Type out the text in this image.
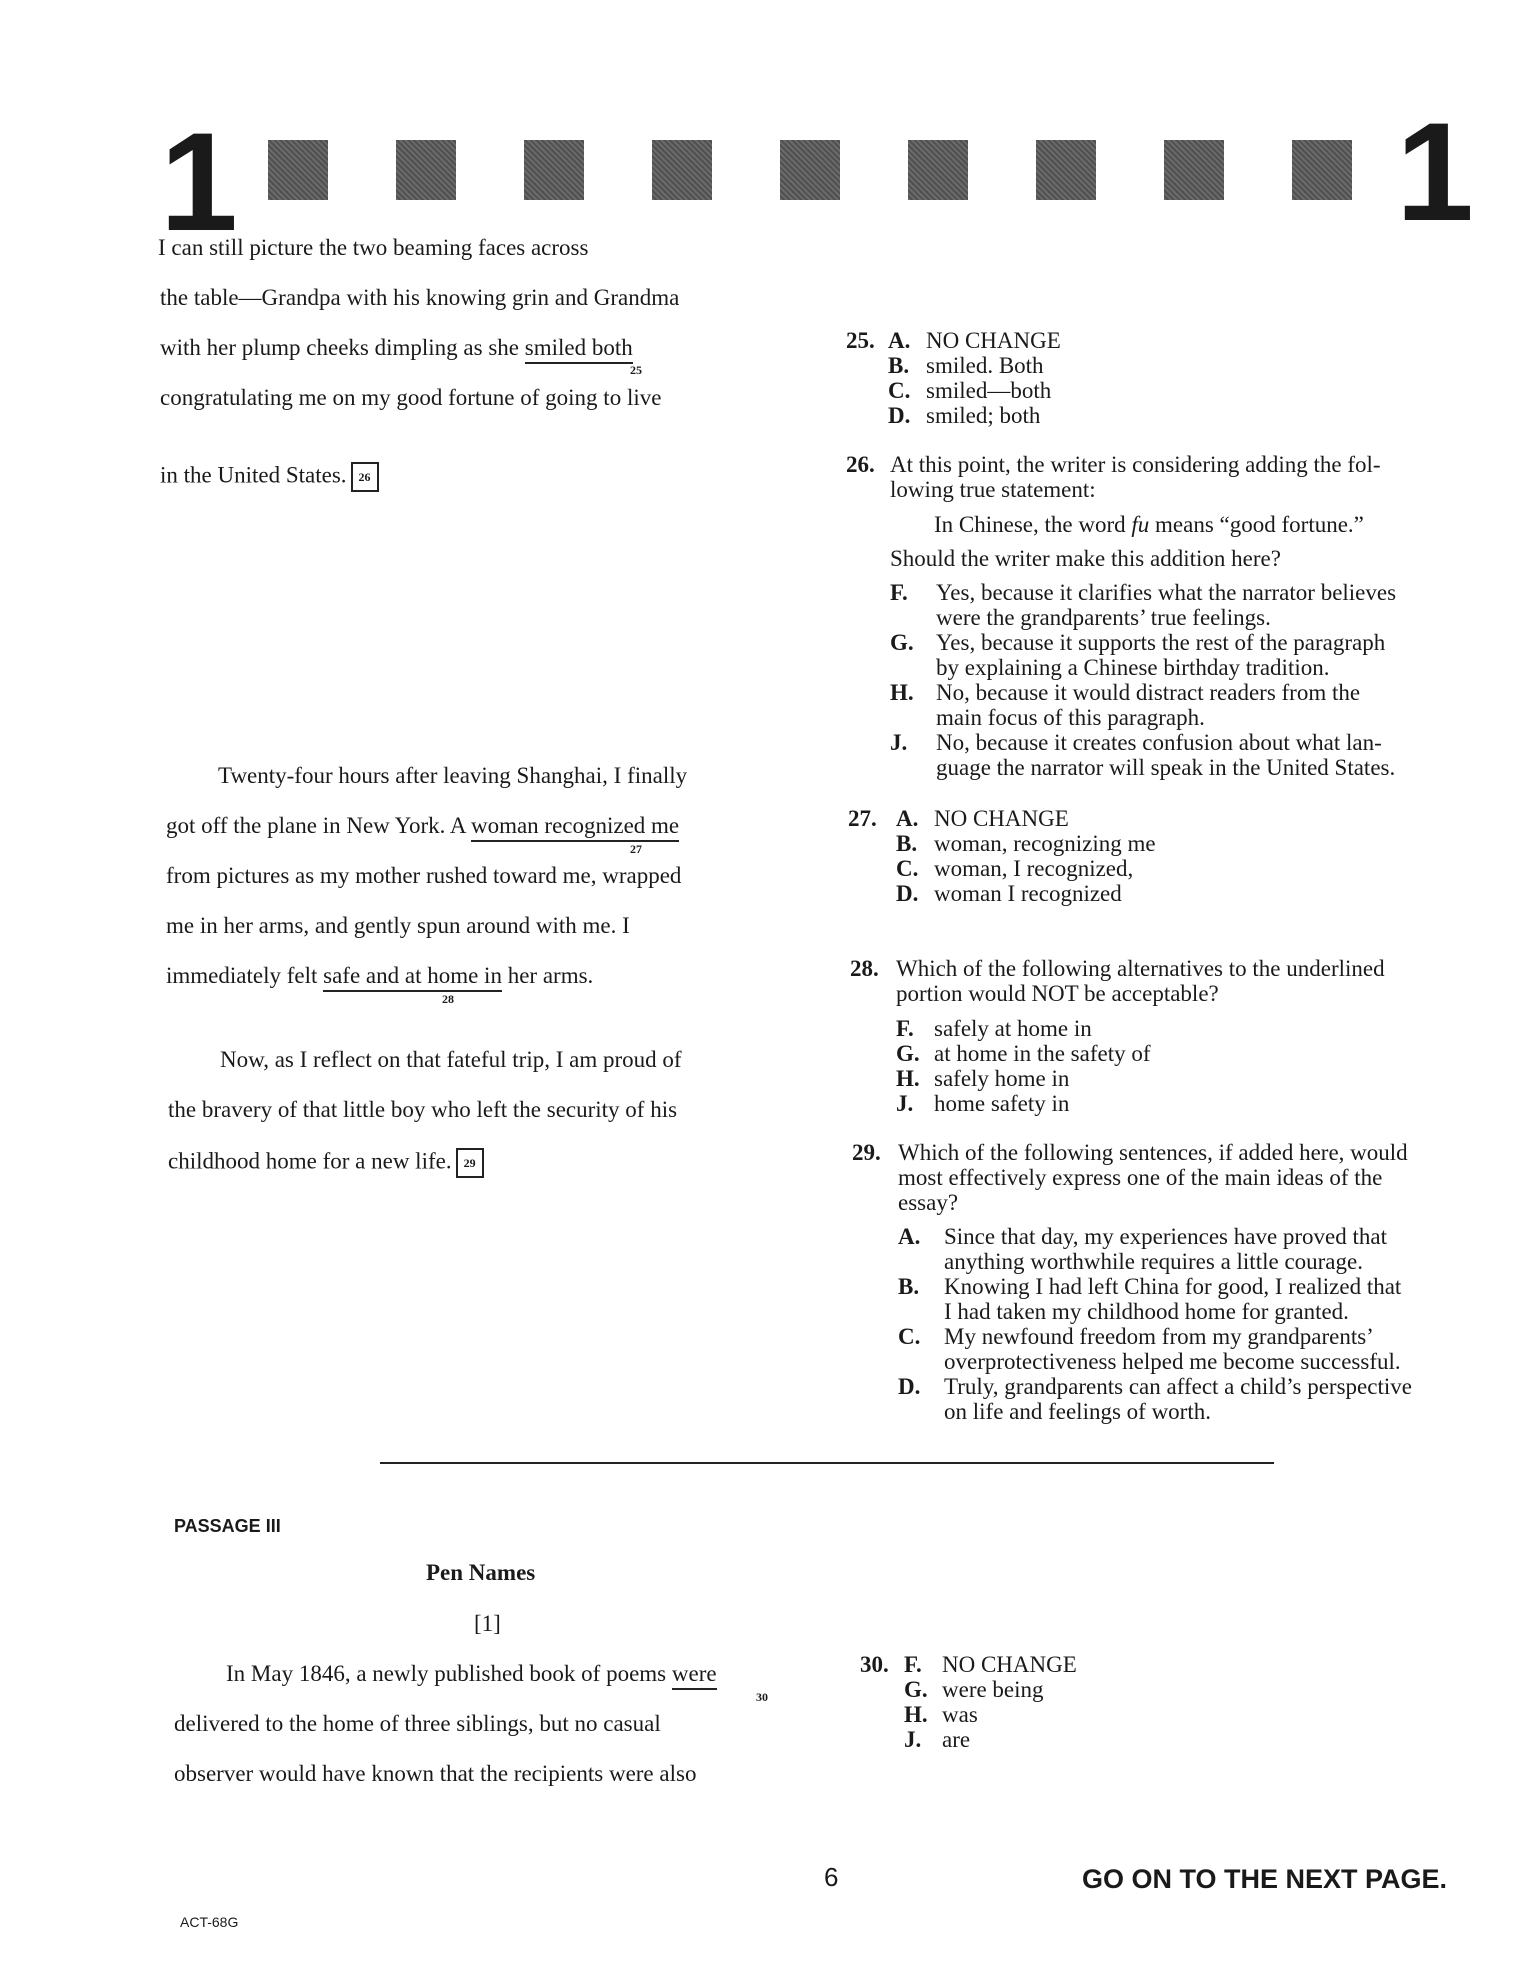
1	1
I can still picture the two beaming faces across
the table—Grandpa with his knowing grin and Grandma
with her plump cheeks dimpling as she smiled both
25
congratulating me on my good fortune of going to live
in the United States. 26
Twenty-four hours after leaving Shanghai, I finally
got off the plane in New York. A woman recognized me
27
from pictures as my mother rushed toward me, wrapped
me in her arms, and gently spun around with me. I
immediately felt safe and at home in her arms.
28
Now, as I reflect on that fateful trip, I am proud of
the bravery of that little boy who left the security of his
childhood home for a new life. 29
25. A. NO CHANGE
B. smiled. Both
C. smiled—both
D. smiled; both
26. At this point, the writer is considering adding the fol-
lowing true statement:
In Chinese, the word fu means “good fortune.”
Should the writer make this addition here?
F. Yes, because it clarifies what the narrator believes
were the grandparents’ true feelings.
G. Yes, because it supports the rest of the paragraph
by explaining a Chinese birthday tradition.
H. No, because it would distract readers from the
main focus of this paragraph.
J. No, because it creates confusion about what lan-
guage the narrator will speak in the United States.
27. A. NO CHANGE
B. woman, recognizing me
C. woman, I recognized,
D. woman I recognized
28. Which of the following alternatives to the underlined
portion would NOT be acceptable?
F. safely at home in
G. at home in the safety of
H. safely home in
J. home safety in
29. Which of the following sentences, if added here, would
most effectively express one of the main ideas of the
essay?
A. Since that day, my experiences have proved that
anything worthwhile requires a little courage.
B. Knowing I had left China for good, I realized that
I had taken my childhood home for granted.
C. My newfound freedom from my grandparents’
overprotectiveness helped me become successful.
D. Truly, grandparents can affect a child’s perspective
on life and feelings of worth.
PASSAGE III
Pen Names
[1]
In May 1846, a newly published book of poems were
30
delivered to the home of three siblings, but no casual
observer would have known that the recipients were also
30. F. NO CHANGE
G. were being
H. was
J. are
ACT-68G
6	GO ON TO THE NEXT PAGE.
